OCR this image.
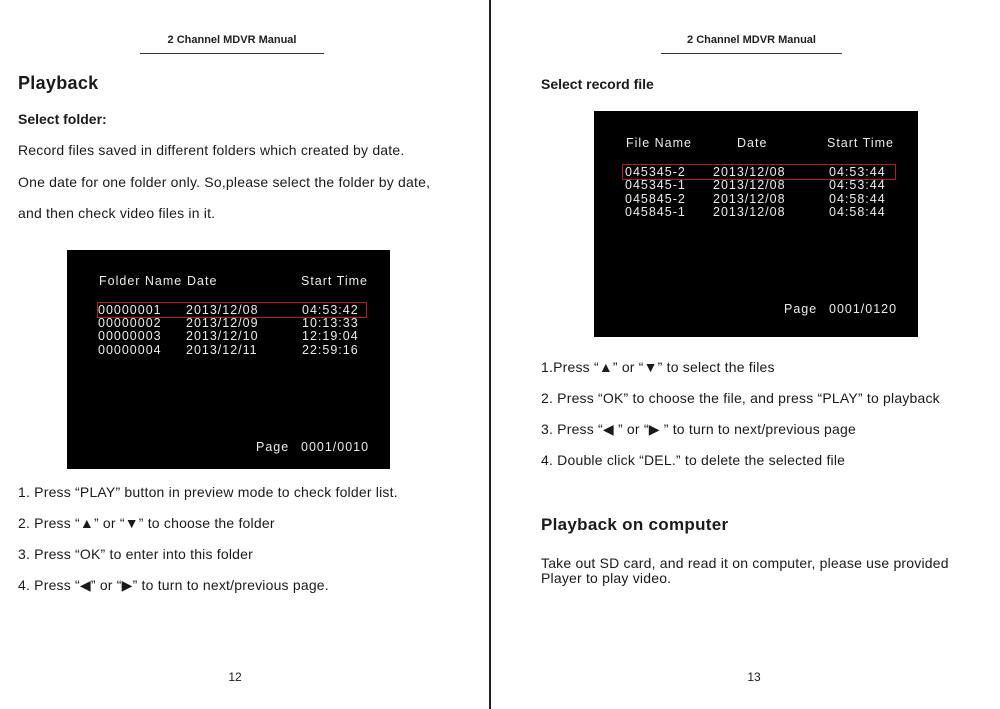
2 Channel MDVR Manual
Playback
Select folder:
Record files saved in different folders which created by date.
One date for one folder only. So,please select the folder by date,
and then check video files in it.
Folder Name Date	Start Time
00000001 2013/12/08	04:53:42
00000002 2013/12/09	10:13:33
00000003 2013/12/10	12:19:04
00000004 2013/12/11	22:59:16
Page 0001/0010
1. Press “PLAY” button in preview mode to check folder list.
2. Press “▲” or “▼” to choose the folder
3. Press “OK” to enter into this folder
4. Press “◀” or “▶” to turn to next/previous page.
12
2 Channel MDVR Manual
Select record file
File Name	Date	Start Time
045345-2 2013/12/08	04:53:44
045345-1 2013/12/08	04:53:44
045845-2 2013/12/08	04:58:44
045845-1 2013/12/08	04:58:44
Page 0001/0120
1.Press “▲” or “▼” to select the files
2. Press “OK” to choose the file, and press “PLAY” to playback
3. Press “◀ ” or “▶ ” to turn to next/previous page
4. Double click “DEL.” to delete the selected file
Playback on computer
Take out SD card, and read it on computer, please use provided
Player to play video.
13
